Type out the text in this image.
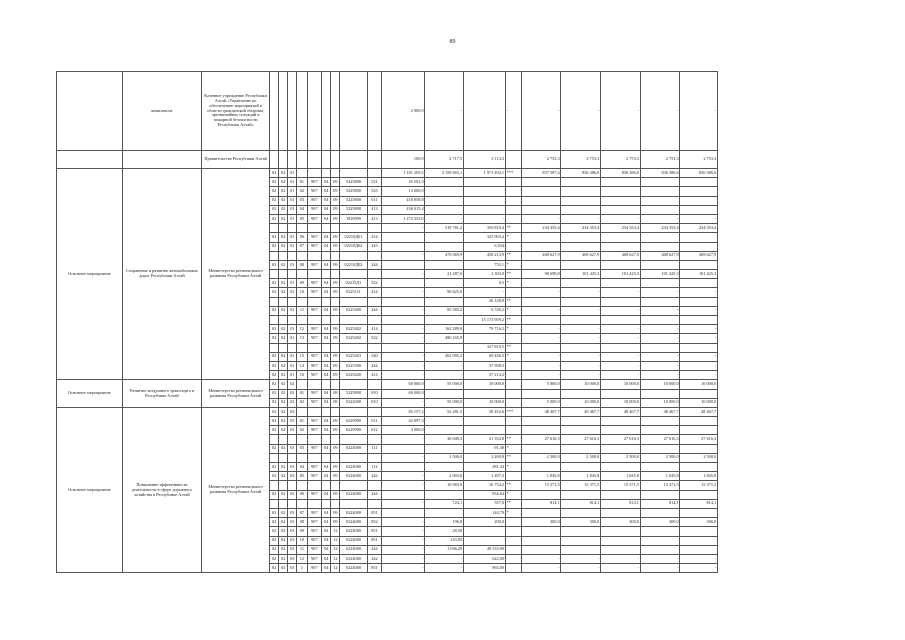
89
	комплексов	Казенное учреждение Республики Алтай «Управление по обеспечению мероприятий в области гражданской обороны, чрезвычайных ситуаций и пожарной безопасности Республики Алтай»										2 000,0	-		-	-	-	-	-	-
		Правительство Республики Алтай										100,0	2 717,5	3 114,3		2 753,3	2 753,3	2 753,3	2 753,3	2 753,3
Основное мероприятие	Сохранение и развитие автомобильных дорог Республики Алтай	Министерство регионального развития Республики Алтай	02	02	01							1 181 205,5	3 159 665,1	1 971 492,1	***	837 587,4	836 386,6	836 386,6	836 386,6	836 386,6
			02	02	01	01	907	04	09	5225800	521	45 501,3								
			02	02	01	02	907	04	09	5225800	523	13 000,0								
			02	02	01	03	907	04	09	5225800	611	418 858,8								
			02	02	01	04	907	04	09	5225800	413	436 015,4								
			02	02	01	05	907	04	09	1810999	413	1 272 355,0	-	-		-	-	-	-	-
												-	518 781,2	350 810,4	**	234 353,4	234 353,4	234 353,4	234 353,4	234 353,4
			02	02	01	06	907	04	09	02210Д01	414			325 903,4	*					
			02	02	01	07	907	04	09	02210Д02	243			6 034						
												-	470 069,9	458 213,9	**	408 627,9	408 627,9	408 627,9	408 627,9	408 627,9
			02	02	01	08	907	04	09	02210Д02	244			753,1	*					
												-	21 287,0	2 303,9	**	98 698,8	101 425,3	101 425,3	101 425,3	101 425,3
			02	02	01	09	907	04	09	02215Д1	522			0,5	*					
			02	02	01	10	907	04	09	0225111	414	-	96 625,0	-		-	-	-	-	-
														26 128,8	**					
			02	02	01	11	907	04	09	0225400	244	-	85 565,2	6 740,2	*	-	-	-	-	-
														15 173 959,2	**					
			02	02	01	12	907	04	09	0225402	414	-	162 289,0	79 716,2	*	-	-	-	-	-
			02	02	01	13	907	04	09	0225402	522	-	486 165,9	-		-	-	-	-	-
														327 819,5	**					
			02	02	01	15	907	04	09	0225403	540	-	262 995,2	69 436,5	*	-	-	-	-	-
			02	02	01	14	907	04	09	0225390	244	-	-	37 398,5		-	-	-	-	-
			02	02	01	16	907	04	09	0225420	414	-	-	37 214,2		-	-	-	-	-
Основное мероприятие	Развитие воздушного транспорта в Республике Алтай	Министерство регионального развития Республики Алтай	02	02	02							60 000,0	55 000,0	10 000,0		5 000,0	10 000,0	10 000,0	10 000,0	10 000,0
			02	02	02	01	907	04	08	5225800	810	60 000,0								
			02	02	02	02	907	04	08	0222000	810	-	55 000,0	10 000,0		5 000,0	10 000,0	10 000,0	10 000,0	10 000,0
Основное мероприятие	Повышение эффективности деятельности в сфере дорожного хозяйства в Республике Алтай	Министерство регионального развития Республики Алтай	02	02	03							85 157,2	52 281,5	58 452,6	***	48 467,7	48 467,7	48 467,7	48 467,7	48 467,7
			02	02	03	01	907	04	09	6229000	611	42 097,3								
			02	02	03	02	907	04	09	6229000	612	3 000,0								
												-	36 049,3	21 354,8	**	27 616,3	27 616,3	27 616,3	27 616,3	27 616,3
			02	02	03	03	907	04	09	0224000	111			91,38	*					
												-	1 500,0	2 269,8	**	2 500,0	2 500,0	2 500,0	2 500,0	2 500,0
			02	02	03	04	907	04	09	0224000	112			281,44	*					
			02	02	03	05	907	04	09	0224000	242	-	2 003,8	1 497,3		1 845,8	1 845,8	1 845,8	1 845,8	1 845,8
												-	10 983,8	16 754,2	**	15 371,5	15 371,5	15 371,5	15 371,5	15 371,5
			02	02	03	06	907	04	09	0224000	244			834,64	*					
												-	724,1	557,8	**	814,1	814,1	814,1	814,1	814,1
			02	02	03	07	907	04	09	0224000	851			144,79	*					
			02	02	03	08	907	04	09	0224000	852	-	196,0	200,0		300,0	300,0	300,0	300,0	300,0
			02	02	03	09	907	04	12	0224000	851	-	28,50							
			02	02	03	10	907	04	12	0224000	851	-	143,85							
			02	02	03	11	907	04	12	0224000	244	-	1 036,29	49 533,90						
			02	02	03	12	907	04	12	0224000	242	-	-	622,00		-	-	-	-	-
			02	02	03	1	907	04	12	0224000	851	-	-	965,00		-	-	-	-	-
